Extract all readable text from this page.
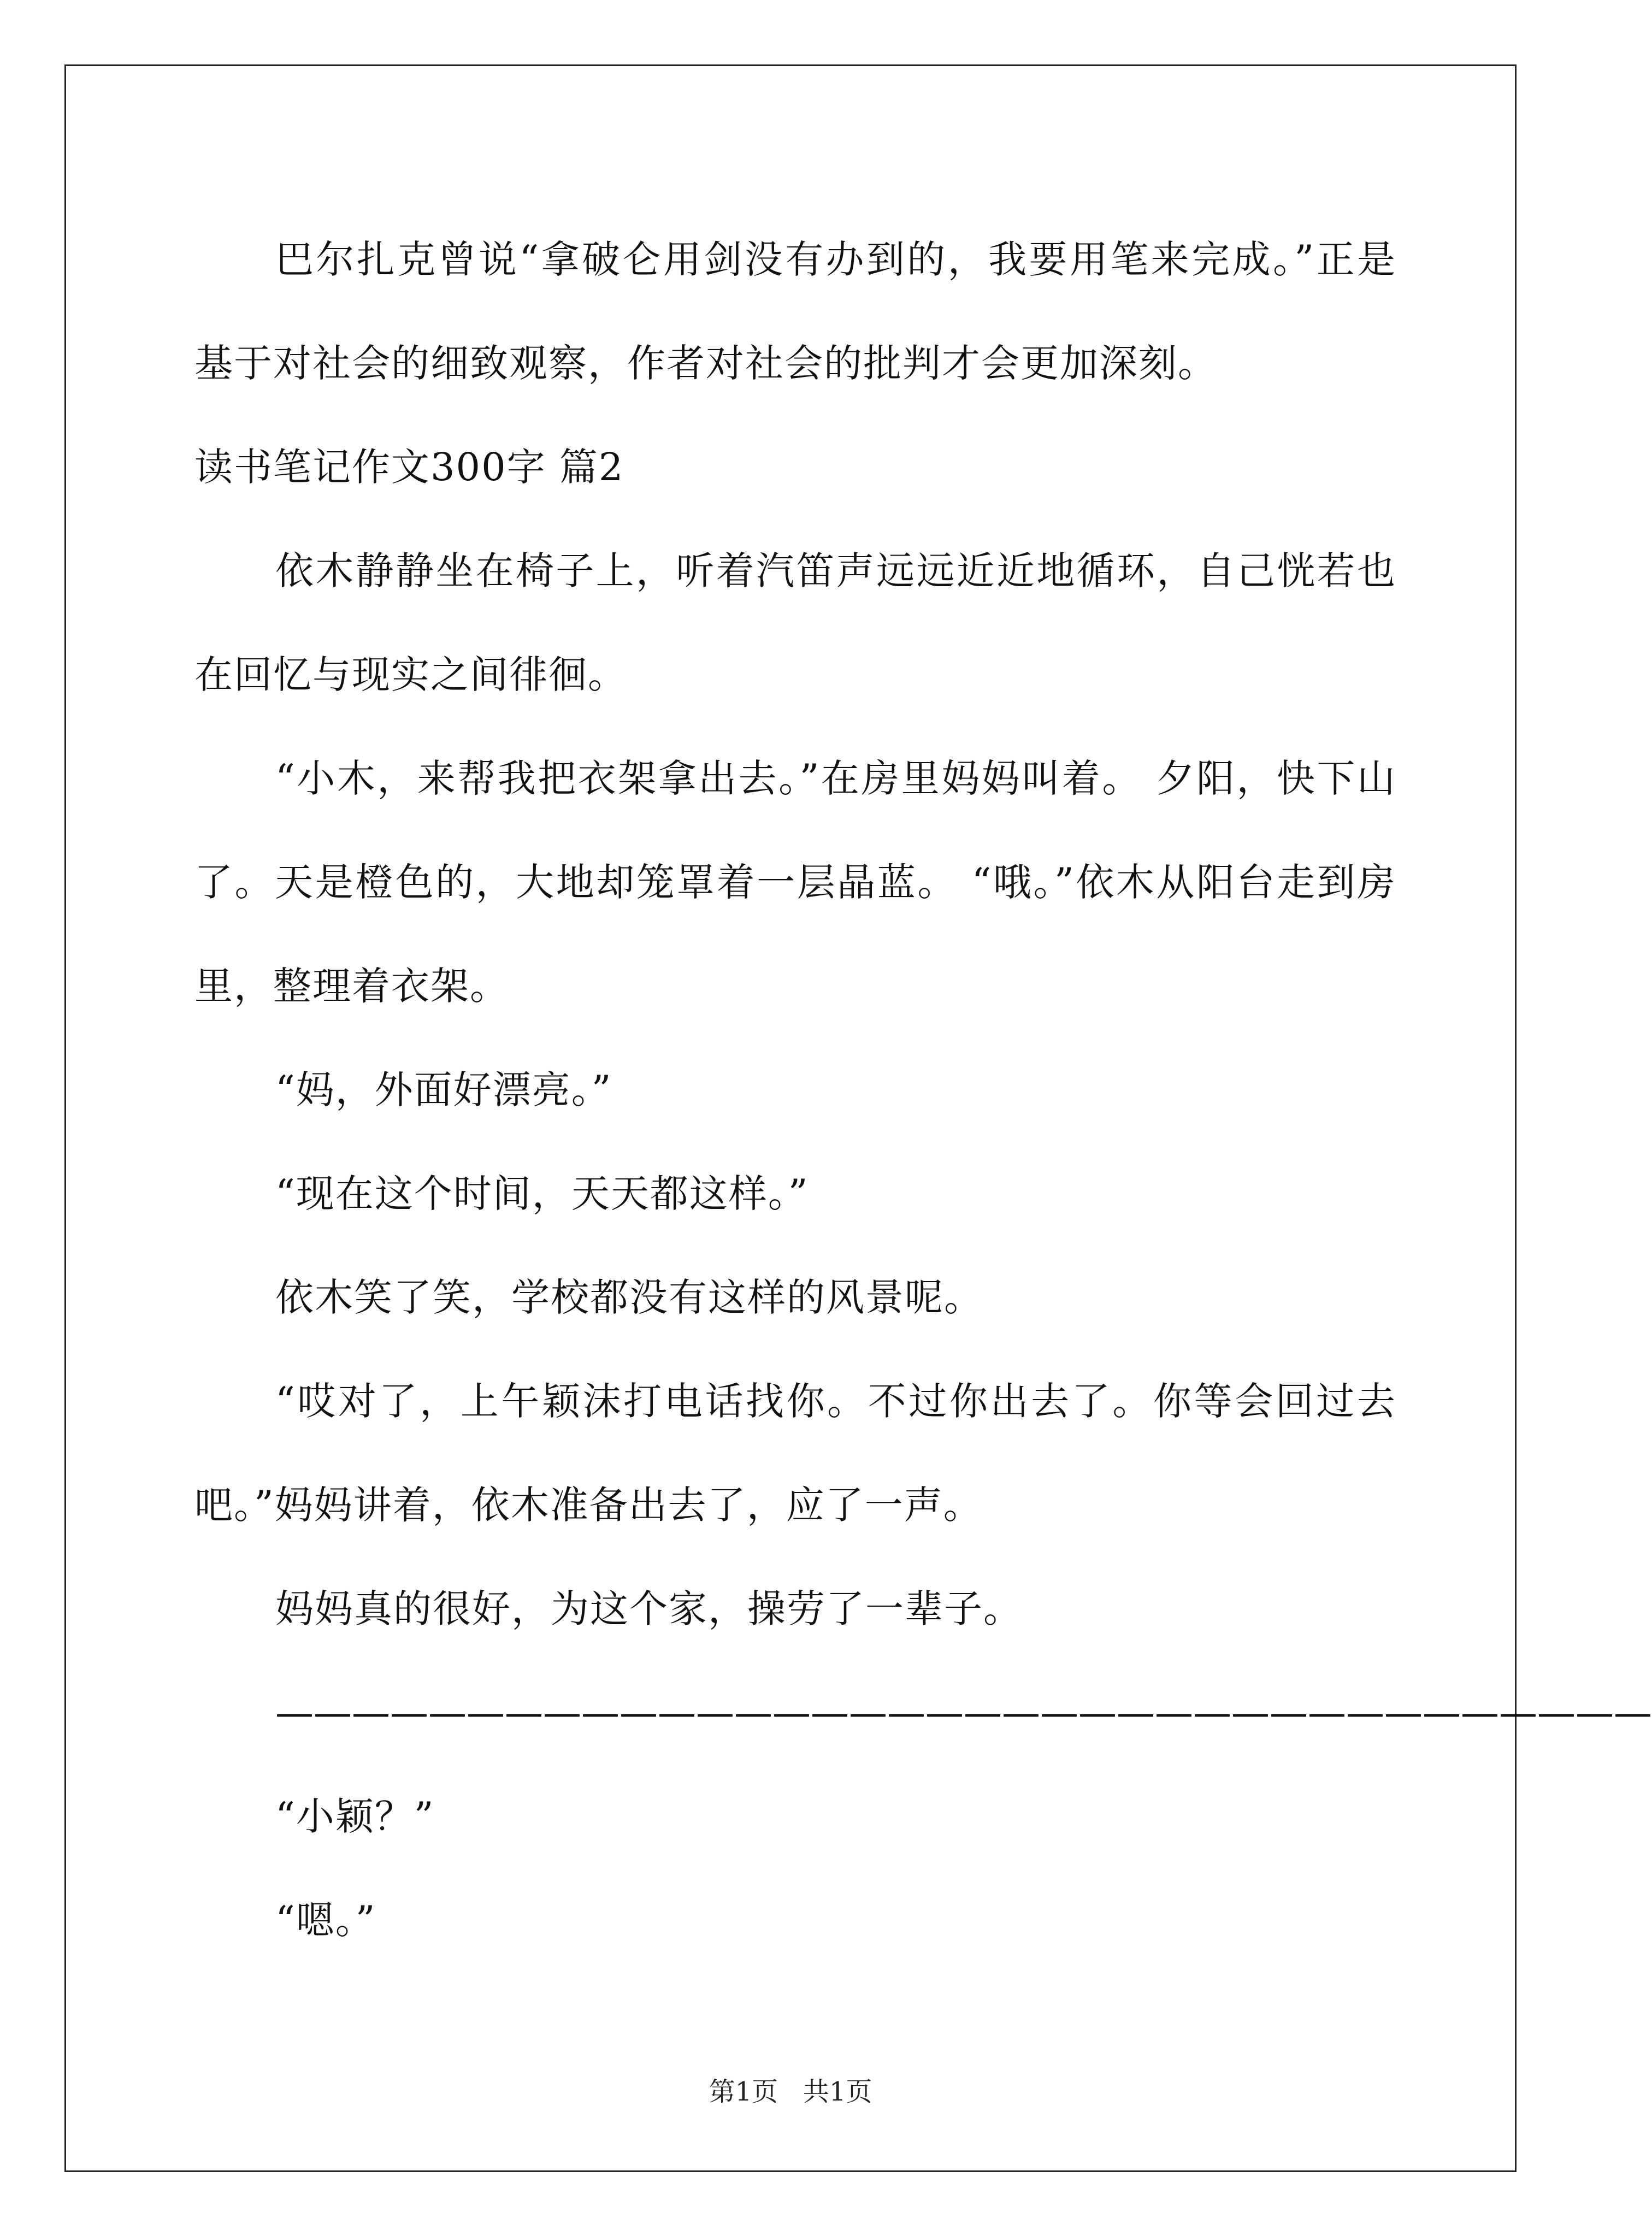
巴尔扎克曾说“拿破仑用剑没有办到的，我要用笔来完成。”正是基于对社会的细致观察，作者对社会的批判才会更加深刻。

读书笔记作文300字 篇2

依木静静坐在椅子上，听着汽笛声远远近近地循环，自己恍若也在回忆与现实之间徘徊。

“小木，来帮我把衣架拿出去。”在房里妈妈叫着。 夕阳，快下山了。天是橙色的，大地却笼罩着一层晶蓝。 “哦。”依木从阳台走到房里，整理着衣架。

“妈，外面好漂亮。”

“现在这个时间，天天都这样。”

依木笑了笑，学校都没有这样的风景呢。

“哎对了，上午颖沫打电话找你。不过你出去了。你等会回过去吧。”妈妈讲着，依木准备出去了，应了一声。

妈妈真的很好，为这个家，操劳了一辈子。

————————————————————————————————————

“小颖？”

“嗯。”

第1页   共1页
